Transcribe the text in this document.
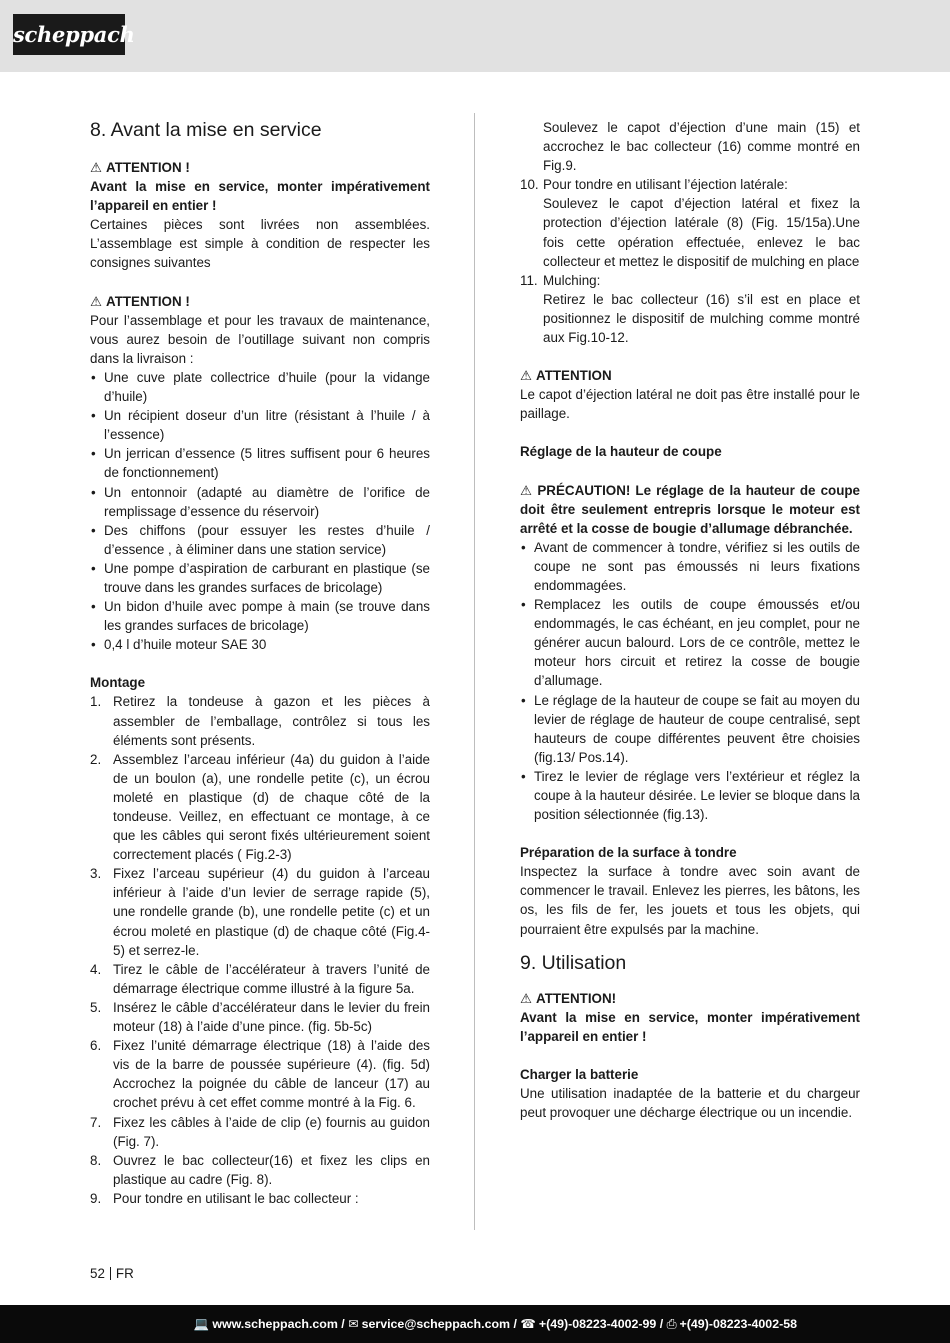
scheppach
8. Avant la mise en service

⚠ ATTENTION !

Avant la mise en service, monter impérativement l’appareil en entier !

Certaines pièces sont livrées non assemblées. L’assemblage est simple à condition de respecter les consignes suivantes

⚠ ATTENTION !

Pour l’assemblage et pour les travaux de maintenance, vous aurez besoin de l’outillage suivant non compris dans la livraison :

• Une cuve plate collectrice d’huile (pour la vidange d’huile)
• Un récipient doseur d’un litre (résistant à l’huile / à l’essence)
• Un jerrican d’essence (5 litres suffisent pour 6 heures de fonctionnement)
• Un entonnoir (adapté au diamètre de l’orifice de remplissage d’essence du réservoir)
• Des chiffons (pour essuyer les restes d’huile / d’essence , à éliminer dans une station service)
• Une pompe d’aspiration de carburant en plastique (se trouve dans les grandes surfaces de bricolage)
• Un bidon d’huile avec pompe à main (se trouve dans les grandes surfaces de bricolage)
• 0,4 l d’huile moteur SAE 30

Montage

1. Retirez la tondeuse à gazon et les pièces à assembler de l’emballage, contrôlez si tous les éléments sont présents.
2. Assemblez l’arceau inférieur (4a) du guidon à l’aide de un boulon (a), une rondelle petite (c), un écrou moleté en plastique (d) de chaque côté de la tondeuse. Veillez, en effectuant ce montage, à ce que les câbles qui seront fixés ultérieurement soient correctement placés ( Fig.2-3)
3. Fixez l’arceau supérieur (4) du guidon à l’arceau inférieur à l’aide d’un levier de serrage rapide (5), une rondelle grande (b), une rondelle petite (c) et un écrou moleté en plastique (d) de chaque côté (Fig.4-5) et serrez-le.
4. Tirez le câble de l’accélérateur à travers l’unité de démarrage électrique comme illustré à la figure 5a.
5. Insérez le câble d’accélérateur dans le levier du frein moteur (18) à l’aide d’une pince. (fig. 5b-5c)
6. Fixez l’unité démarrage électrique (18) à l’aide des vis de la barre de poussée supérieure (4). (fig. 5d) Accrochez la poignée du câble de lanceur (17) au crochet prévu à cet effet comme montré à la Fig. 6.
7. Fixez les câbles à l’aide de clip (e) fournis au guidon (Fig. 7).
8. Ouvrez le bac collecteur(16) et fixez les clips en plastique au cadre (Fig. 8).
9. Pour tondre en utilisant le bac collecteur :

Soulevez le capot d’éjection d’une main (15) et accrochez le bac collecteur (16) comme montré en Fig.9.

10. Pour tondre en utilisant l’éjection latérale:

Soulevez le capot d’éjection latéral et fixez la protection d’éjection latérale (8) (Fig. 15/15a).Une fois cette opération effectuée, enlevez le bac collecteur et mettez le dispositif de mulching en place

11. Mulching:

Retirez le bac collecteur (16) s’il est en place et positionnez le dispositif de mulching comme montré aux Fig.10-12.

⚠ ATTENTION

Le capot d’éjection latéral ne doit pas être installé pour le paillage.

Réglage de la hauteur de coupe

⚠ PRÉCAUTION! Le réglage de la hauteur de coupe doit être seulement entrepris lorsque le moteur est arrêté et la cosse de bougie d’allumage débranchée.

• Avant de commencer à tondre, vérifiez si les outils de coupe ne sont pas émoussés ni leurs fixations endommagées.
• Remplacez les outils de coupe émoussés et/ou endommagés, le cas échéant, en jeu complet, pour ne générer aucun balourd. Lors de ce contrôle, mettez le moteur hors circuit et retirez la cosse de bougie d’allumage.
• Le réglage de la hauteur de coupe se fait au moyen du levier de réglage de hauteur de coupe centralisé, sept hauteurs de coupe différentes peuvent être choisies (fig.13/ Pos.14).
• Tirez le levier de réglage vers l’extérieur et réglez la coupe à la hauteur désirée. Le levier se bloque dans la position sélectionnée (fig.13).

Préparation de la surface à tondre

Inspectez la surface à tondre avec soin avant de commencer le travail. Enlevez les pierres, les bâtons, les os, les fils de fer, les jouets et tous les objets, qui pourraient être expulsés par la machine.

9. Utilisation

⚠ ATTENTION!

Avant la mise en service, monter impérativement l’appareil en entier !

Charger la batterie

Une utilisation inadaptée de la batterie et du chargeur peut provoquer une décharge électrique ou un incendie.

52 FR
💻 www.scheppach.com / ✉ service@scheppach.com / ☎ +(49)-08223-4002-99 / ⎙ +(49)-08223-4002-58
